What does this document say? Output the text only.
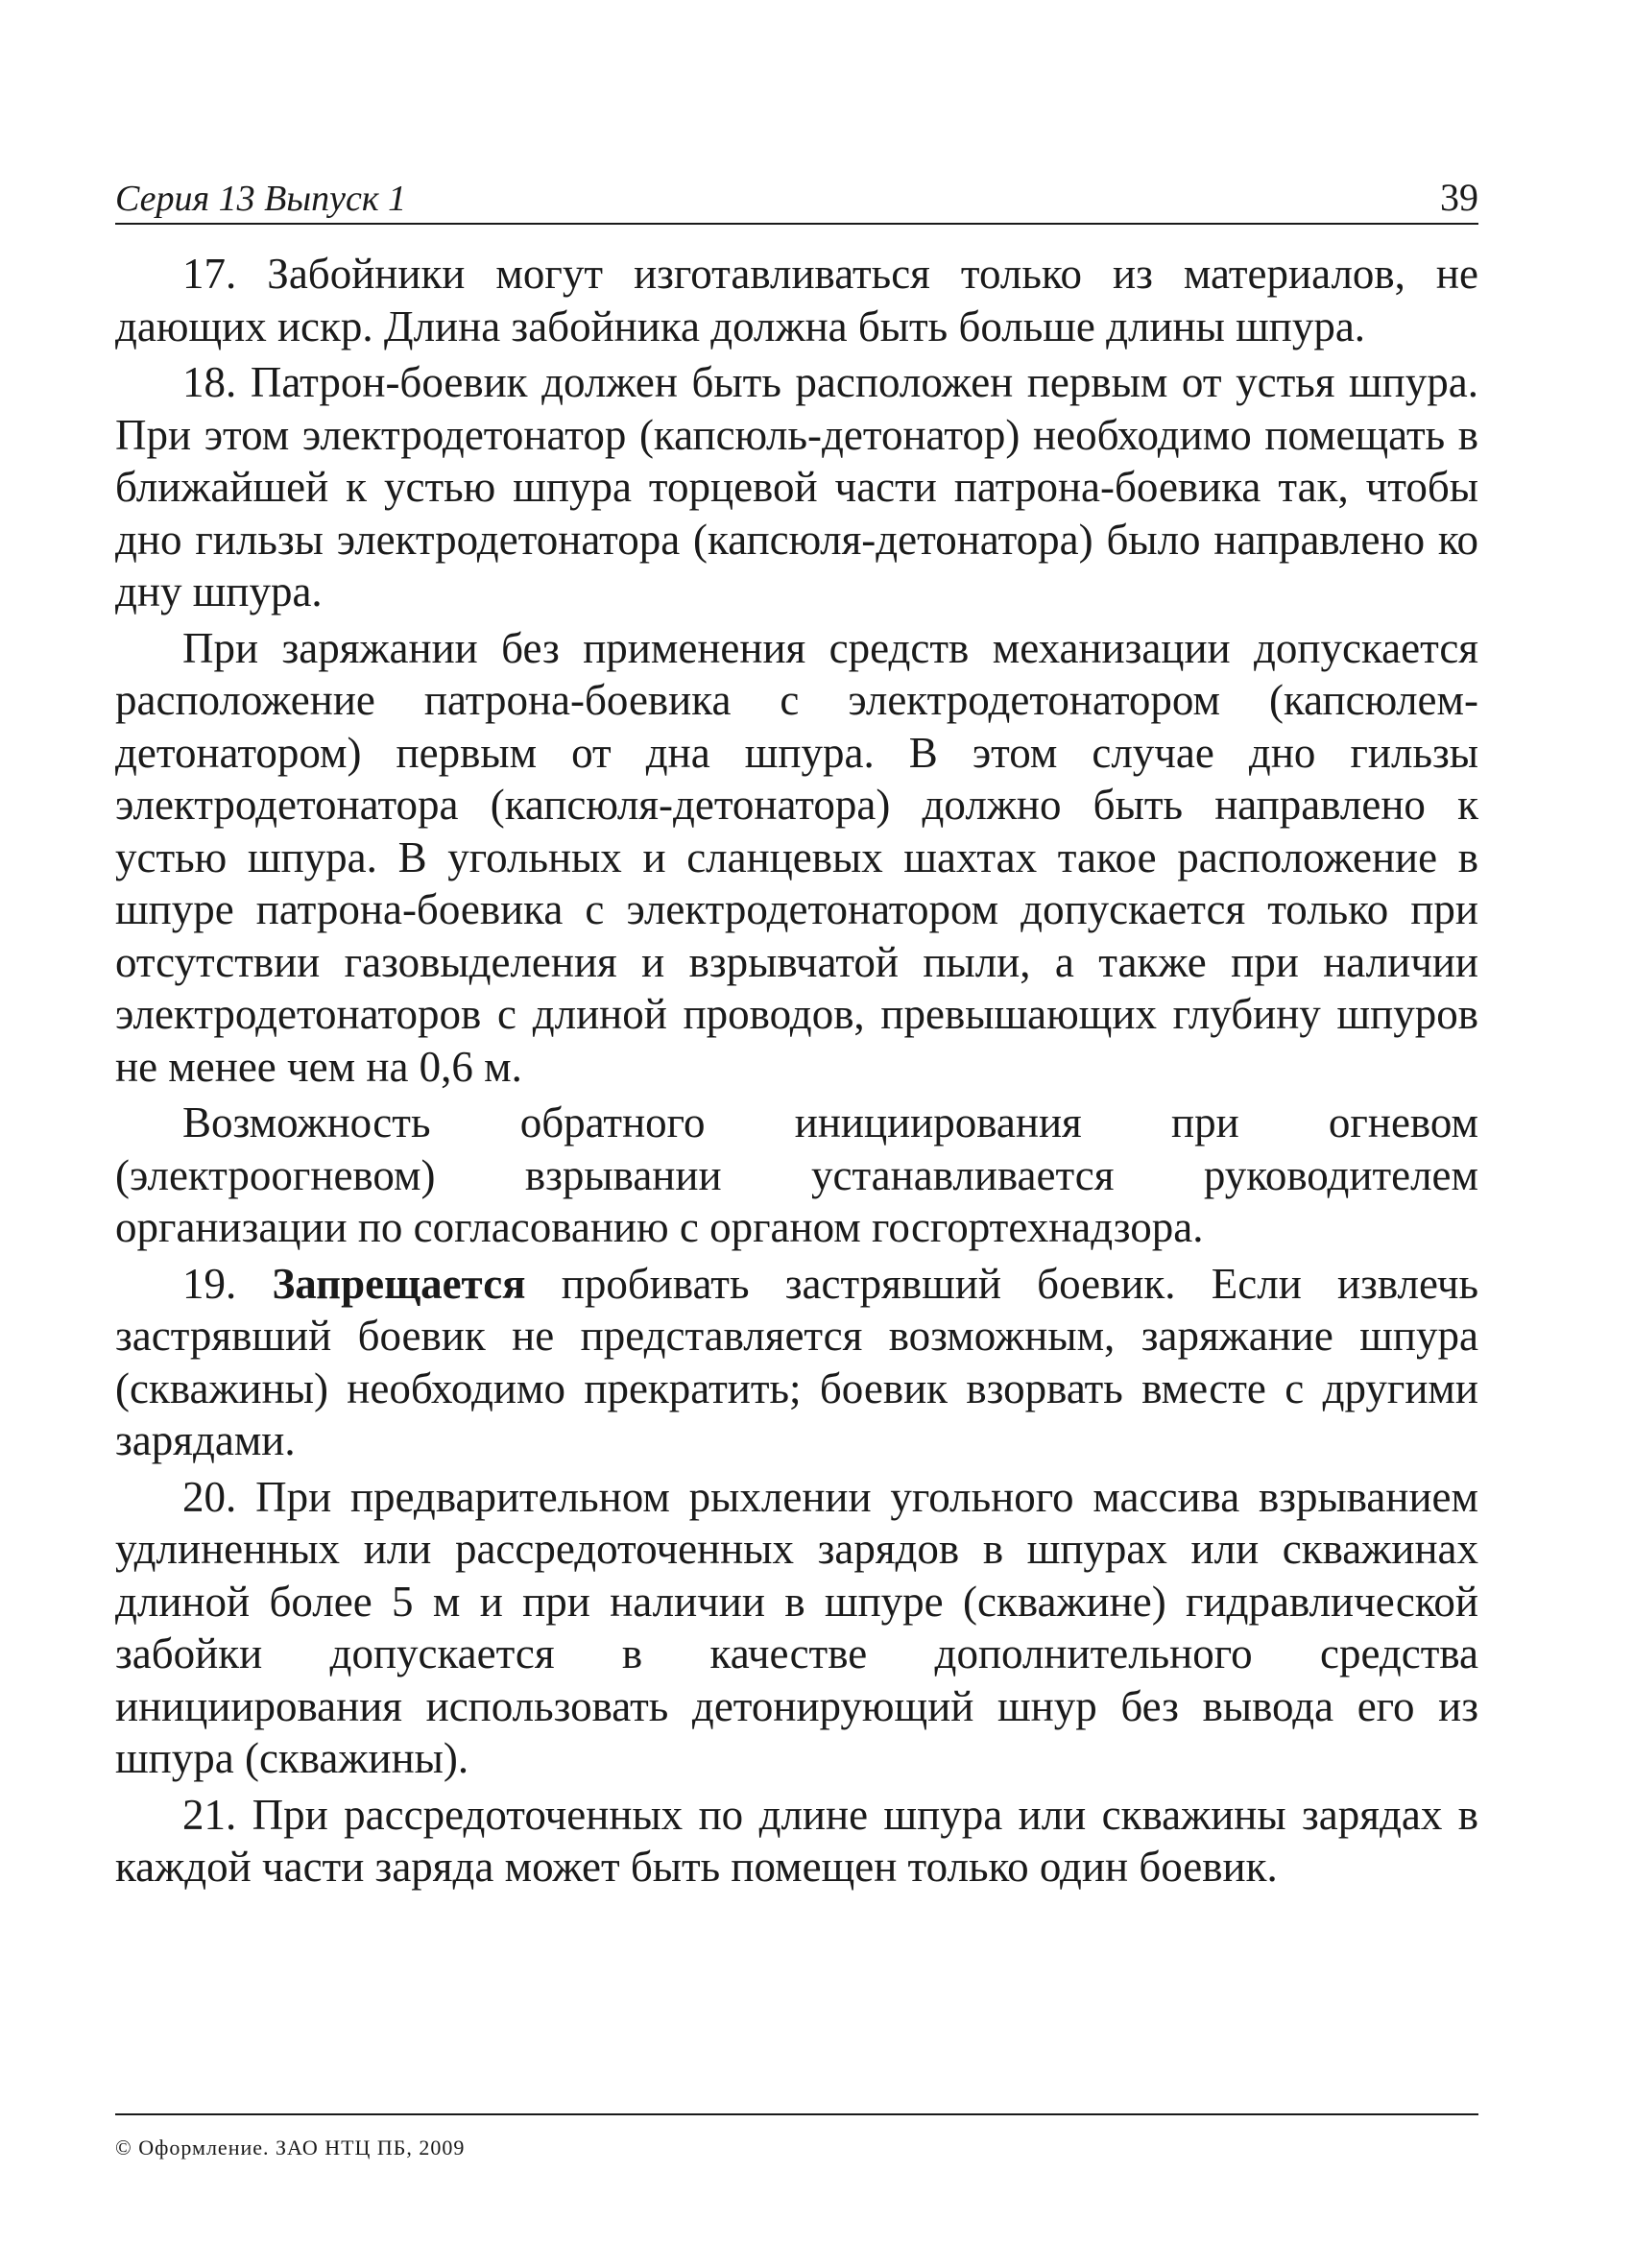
Серия 13 Выпуск 1	39

17. Забойники могут изготавливаться только из материалов, не дающих искр. Длина забойника должна быть больше длины шпура.

18. Патрон-боевик должен быть расположен первым от устья шпура. При этом электродетонатор (капсюль-детонатор) необходимо помещать в ближайшей к устью шпура торцевой части патрона-боевика так, чтобы дно гильзы электродетонатора (капсюля-детонатора) было направлено ко дну шпура.

При заряжании без применения средств механизации допускается расположение патрона-боевика с электродетонатором (капсюлем-детонатором) первым от дна шпура. В этом случае дно гильзы электродетонатора (капсюля-детонатора) должно быть направлено к устью шпура. В угольных и сланцевых шахтах такое расположение в шпуре патрона-боевика с электродетонатором допускается только при отсутствии газовыделения и взрывчатой пыли, а также при наличии электродетонаторов с длиной проводов, превышающих глубину шпуров не менее чем на 0,6 м.

Возможность обратного инициирования при огневом (электроогневом) взрывании устанавливается руководителем организации по согласованию с органом госгортехнадзора.

19. Запрещается пробивать застрявший боевик. Если извлечь застрявший боевик не представляется возможным, заряжание шпура (скважины) необходимо прекратить; боевик взорвать вместе с другими зарядами.

20. При предварительном рыхлении угольного массива взрыванием удлиненных или рассредоточенных зарядов в шпурах или скважинах длиной более 5 м и при наличии в шпуре (скважине) гидравлической забойки допускается в качестве дополнительного средства инициирования использовать детонирующий шнур без вывода его из шпура (скважины).

21. При рассредоточенных по длине шпура или скважины зарядах в каждой части заряда может быть помещен только один боевик.

© Оформление. ЗАО НТЦ ПБ, 2009
